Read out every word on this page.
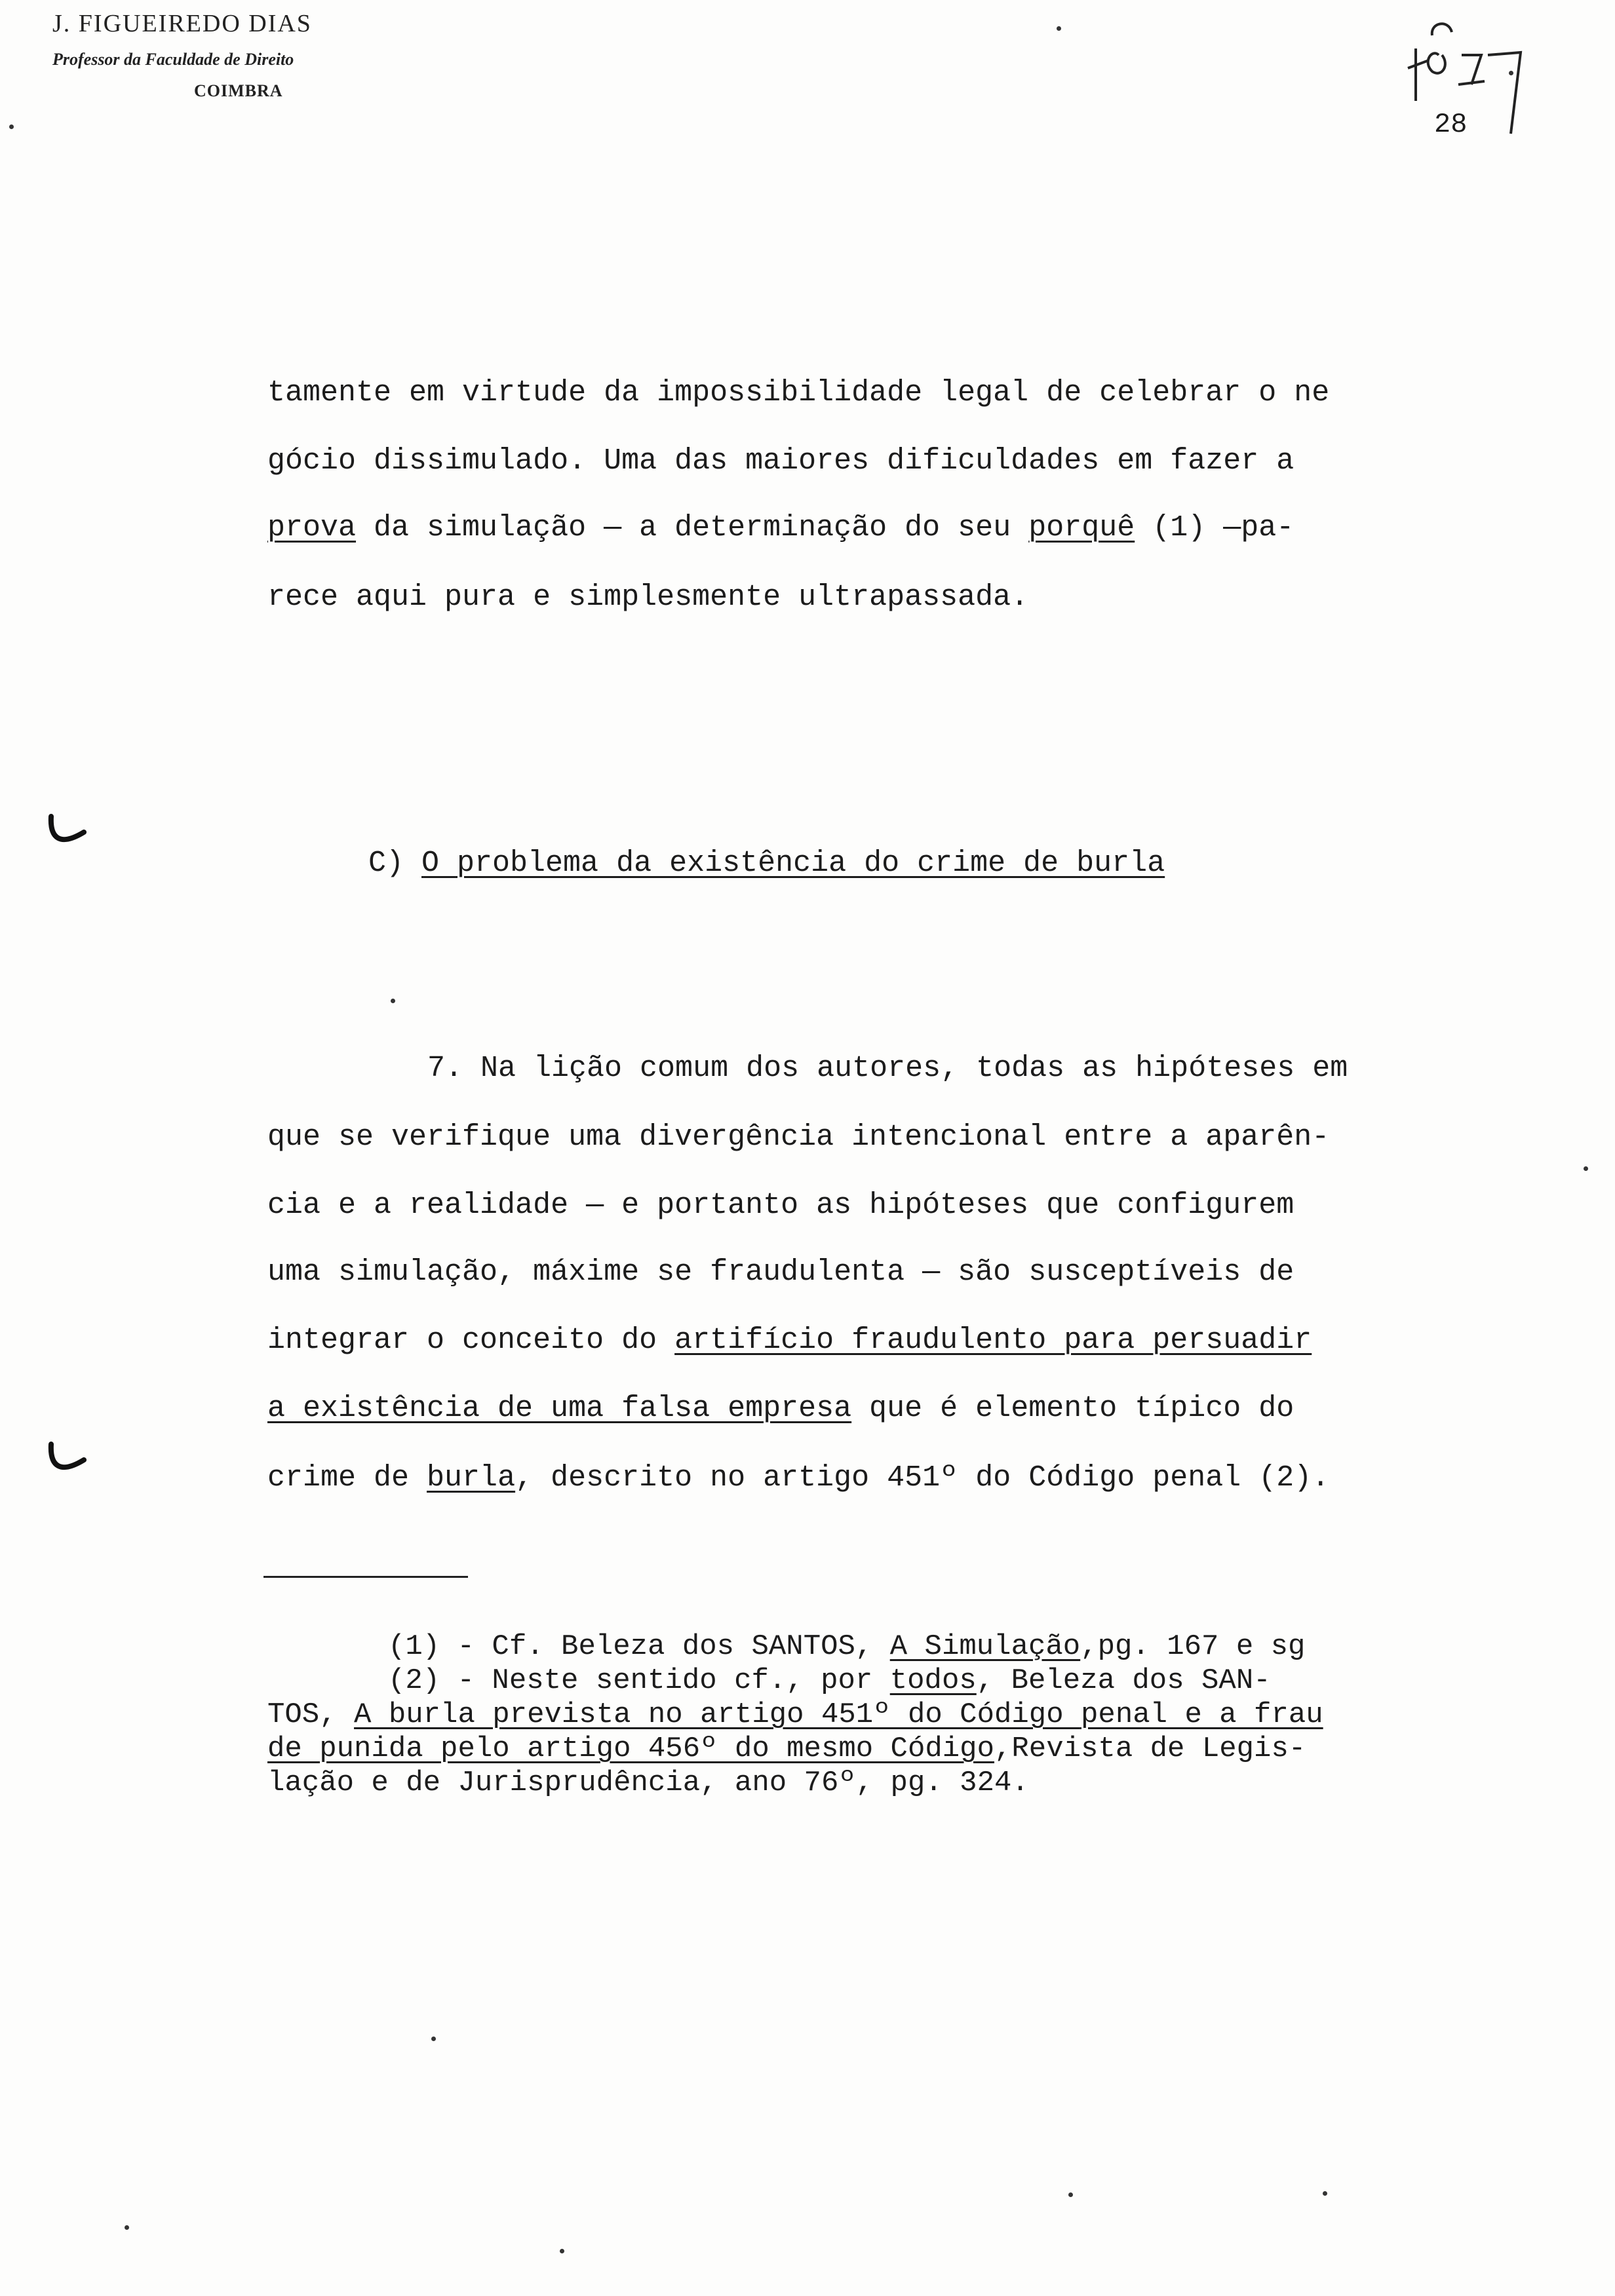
J. FIGUEIREDO DIAS
Professor da Faculdade de Direito
COIMBRA
28
tamente em virtude da impossibilidade legal de celebrar o ne
gócio dissimulado. Uma das maiores dificuldades em fazer a
prova da simulação — a determinação do seu porquê (1) —pa-
rece aqui pura e simplesmente ultrapassada.
C) O problema da existência do crime de burla
7. Na lição comum dos autores, todas as hipóteses em
que se verifique uma divergência intencional entre a aparên-
cia e a realidade — e portanto as hipóteses que configurem
uma simulação, máxime se fraudulenta — são susceptíveis de
integrar o conceito do artifício fraudulento para persuadir
a existência de uma falsa empresa que é elemento típico do
crime de burla, descrito no artigo 451º do Código penal (2).
(1) - Cf. Beleza dos SANTOS, A Simulação,pg. 167 e sg
(2) - Neste sentido cf., por todos, Beleza dos SAN-
TOS, A burla prevista no artigo 451º do Código penal e a frau
de punida pelo artigo 456º do mesmo Código,Revista de Legis-
lação e de Jurisprudência, ano 76º, pg. 324.
